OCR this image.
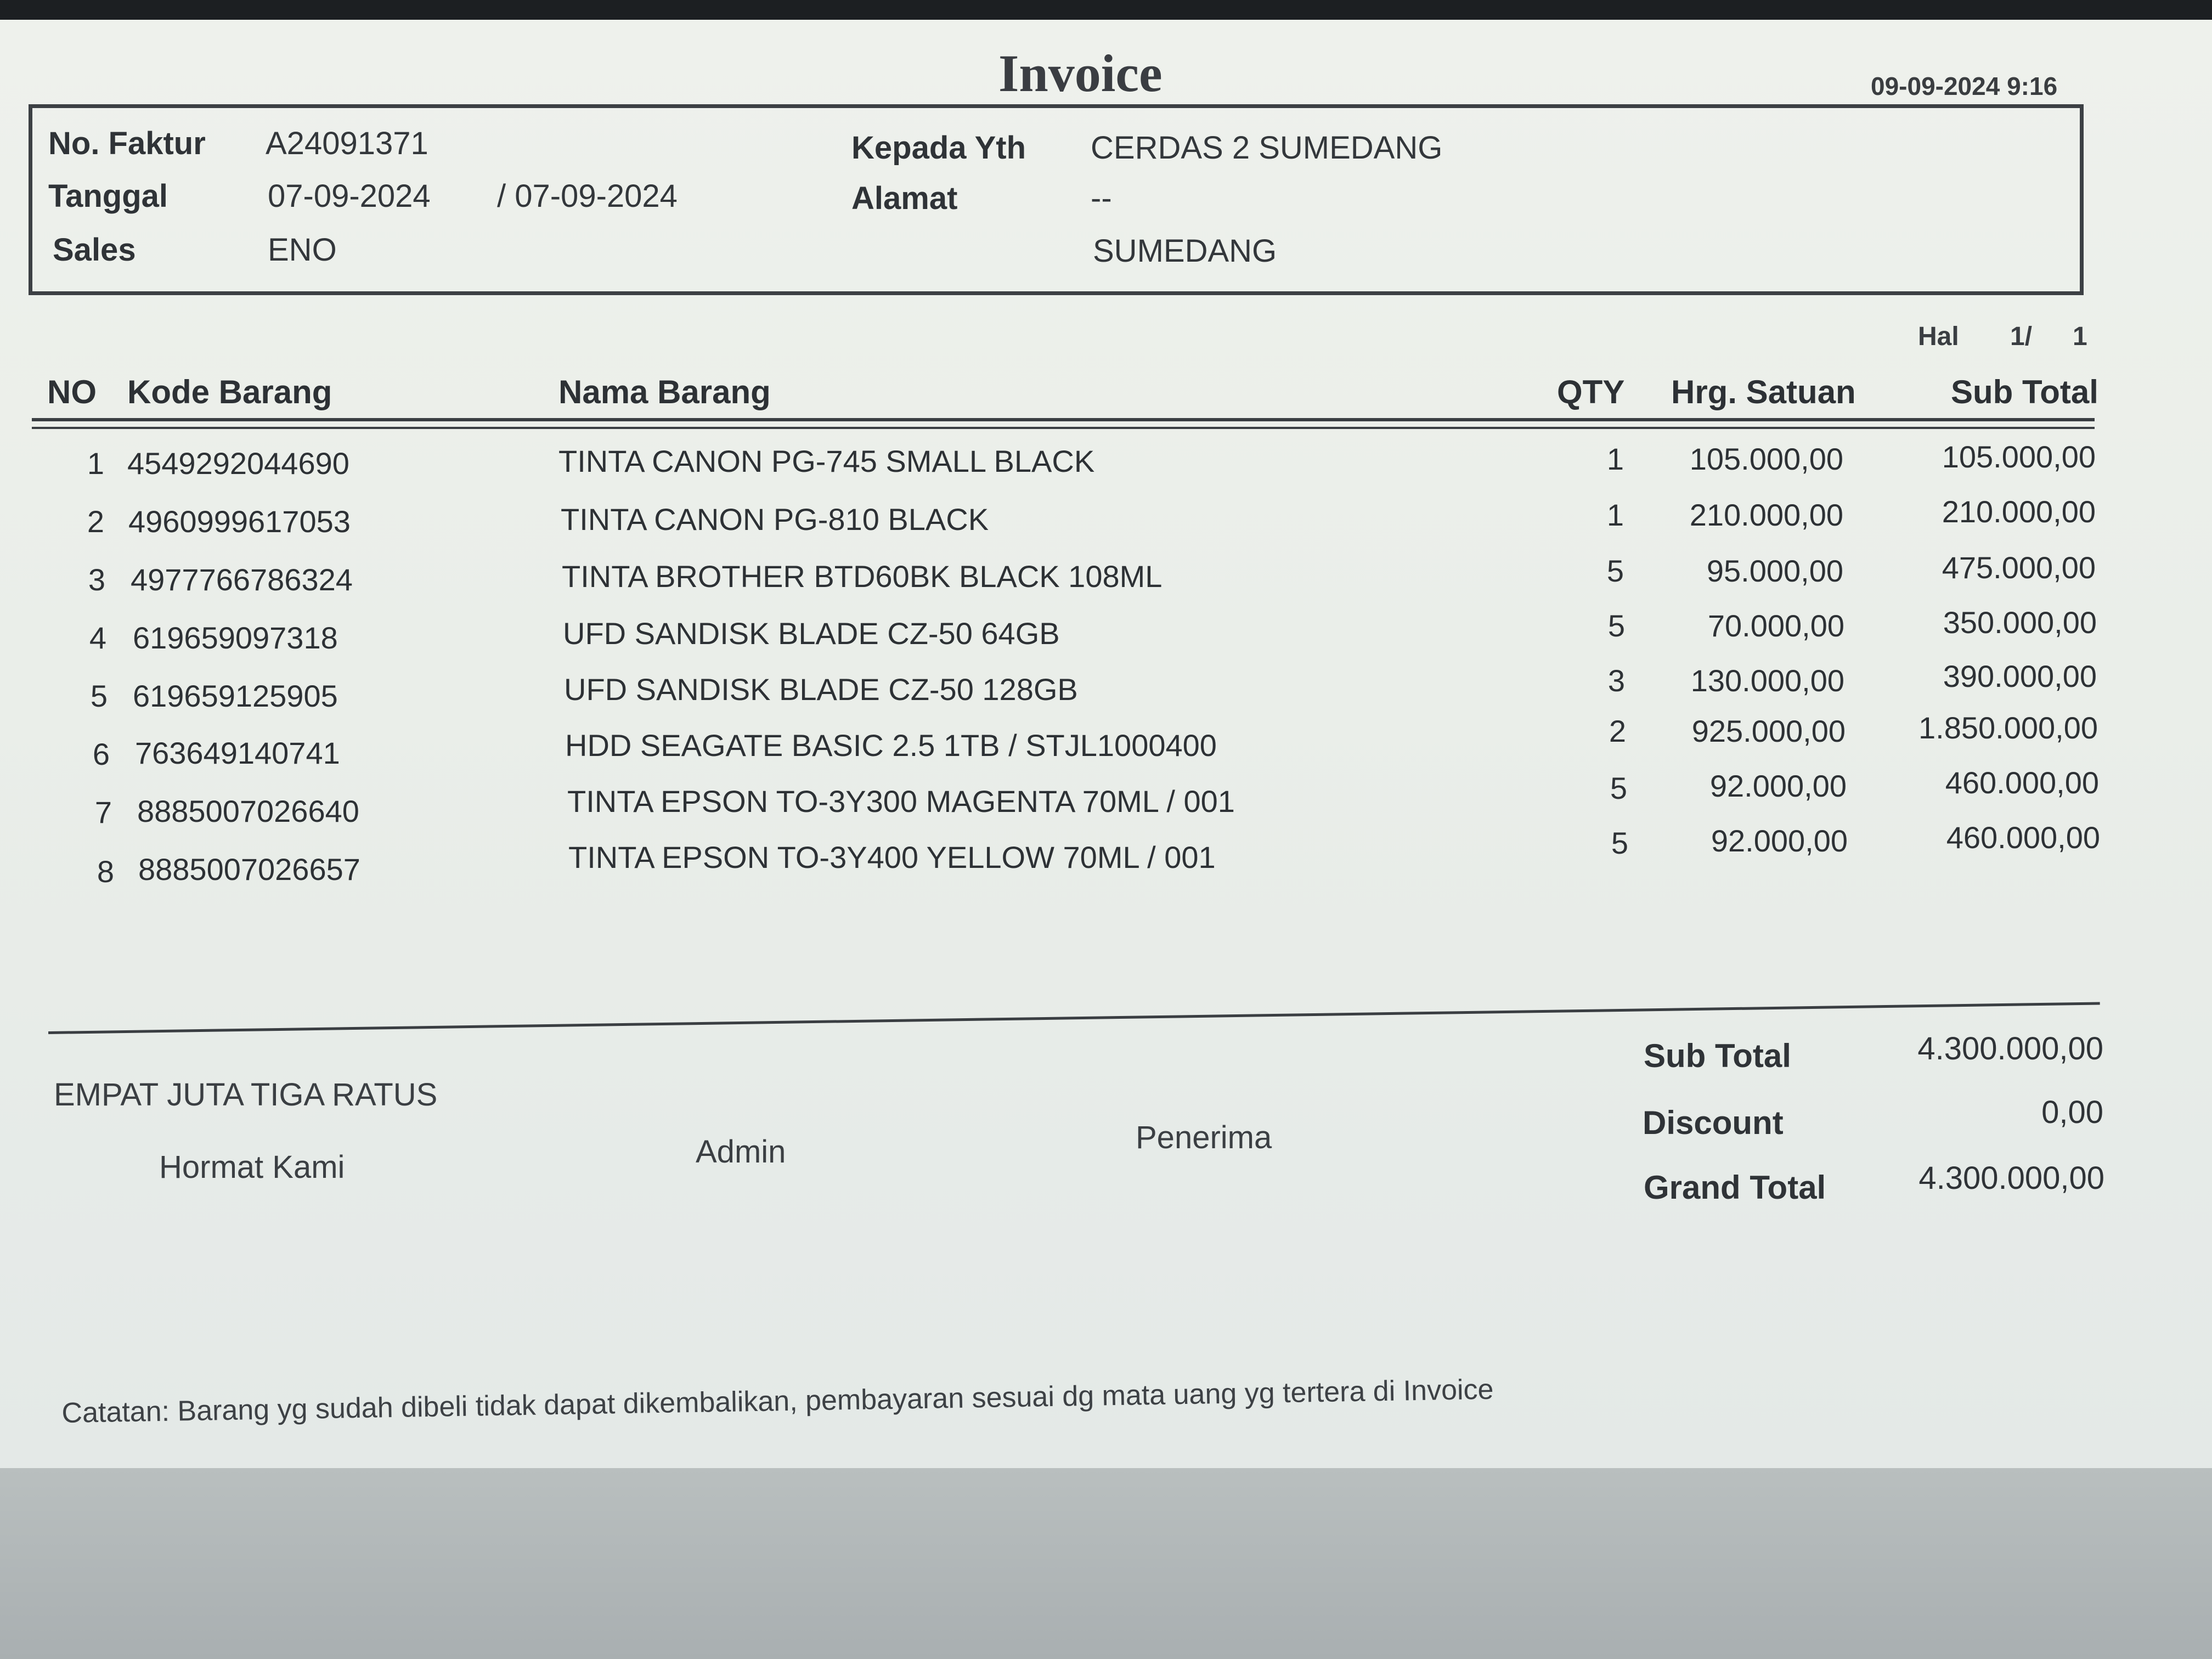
Invoice	09-09-2024 9:16
No. Faktur A24091371
Tanggal	07-09-2024 / 07-09-2024
Sales	ENO
Kepada Yth CERDAS 2 SUMEDANG
Alamat	--
SUMEDANG
Hal 1/ 1
NO Kode Barang	Nama Barang	QTY Hrg. Satuan	Sub Total
1 4549292044690	TINTA CANON PG-745 SMALL BLACK	1	105.000,00	105.000,00
2 4960999617053	TINTA CANON PG-810 BLACK	1	210.000,00	210.000,00
3 4977766786324	TINTA BROTHER BTD60BK BLACK 108ML	5	95.000,00	475.000,00
4 619659097318	UFD SANDISK BLADE CZ-50 64GB	5	70.000,00	350.000,00
5 619659125905	UFD SANDISK BLADE CZ-50 128GB	3	130.000,00	390.000,00
6 763649140741	HDD SEAGATE BASIC 2.5 1TB / STJL1000400	2	925.000,00	1.850.000,00
7 8885007026640	TINTA EPSON TO-3Y300 MAGENTA 70ML / 001	5	92.000,00	460.000,00
8 8885007026657	TINTA EPSON TO-3Y400 YELLOW 70ML / 001	5	92.000,00	460.000,00
EMPAT JUTA TIGA RATUS
Hormat Kami	Admin	Penerima
Sub Total	4.300.000,00
Discount	0,00
Grand Total	4.300.000,00
Catatan: Barang yg sudah dibeli tidak dapat dikembalikan, pembayaran sesuai dg mata uang yg tertera di Invoice
